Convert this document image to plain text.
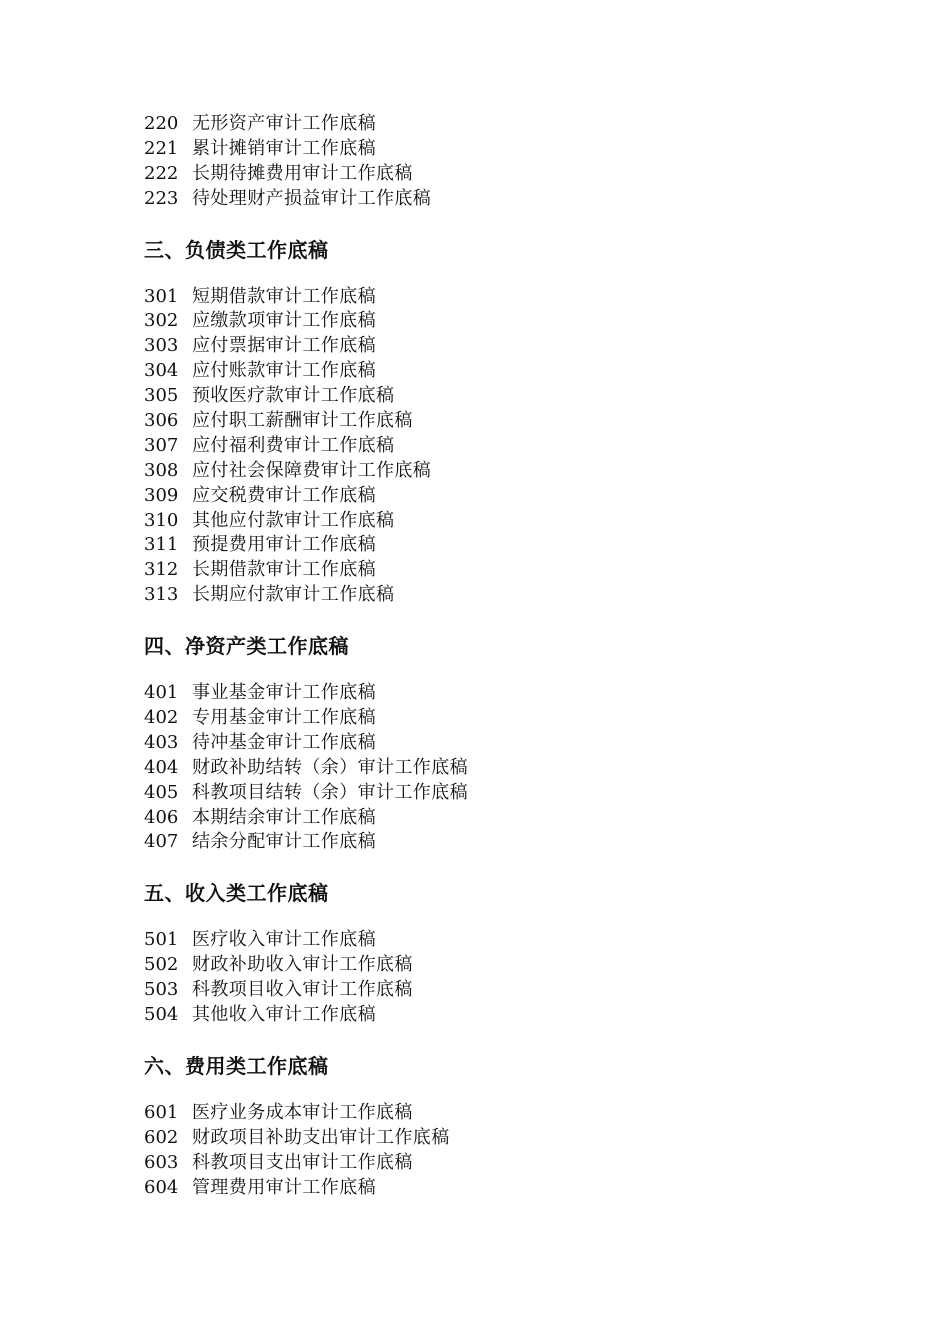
220 无形资产审计工作底稿
221 累计摊销审计工作底稿
222 长期待摊费用审计工作底稿
223 待处理财产损益审计工作底稿
三、负债类工作底稿
301 短期借款审计工作底稿
302 应缴款项审计工作底稿
303 应付票据审计工作底稿
304 应付账款审计工作底稿
305 预收医疗款审计工作底稿
306 应付职工薪酬审计工作底稿
307 应付福利费审计工作底稿
308 应付社会保障费审计工作底稿
309 应交税费审计工作底稿
310 其他应付款审计工作底稿
311 预提费用审计工作底稿
312 长期借款审计工作底稿
313 长期应付款审计工作底稿
四、净资产类工作底稿
401 事业基金审计工作底稿
402 专用基金审计工作底稿
403 待冲基金审计工作底稿
404 财政补助结转（余）审计工作底稿
405 科教项目结转（余）审计工作底稿
406 本期结余审计工作底稿
407 结余分配审计工作底稿
五、收入类工作底稿
501 医疗收入审计工作底稿
502 财政补助收入审计工作底稿
503 科教项目收入审计工作底稿
504 其他收入审计工作底稿
六、费用类工作底稿
601 医疗业务成本审计工作底稿
602 财政项目补助支出审计工作底稿
603 科教项目支出审计工作底稿
604 管理费用审计工作底稿
